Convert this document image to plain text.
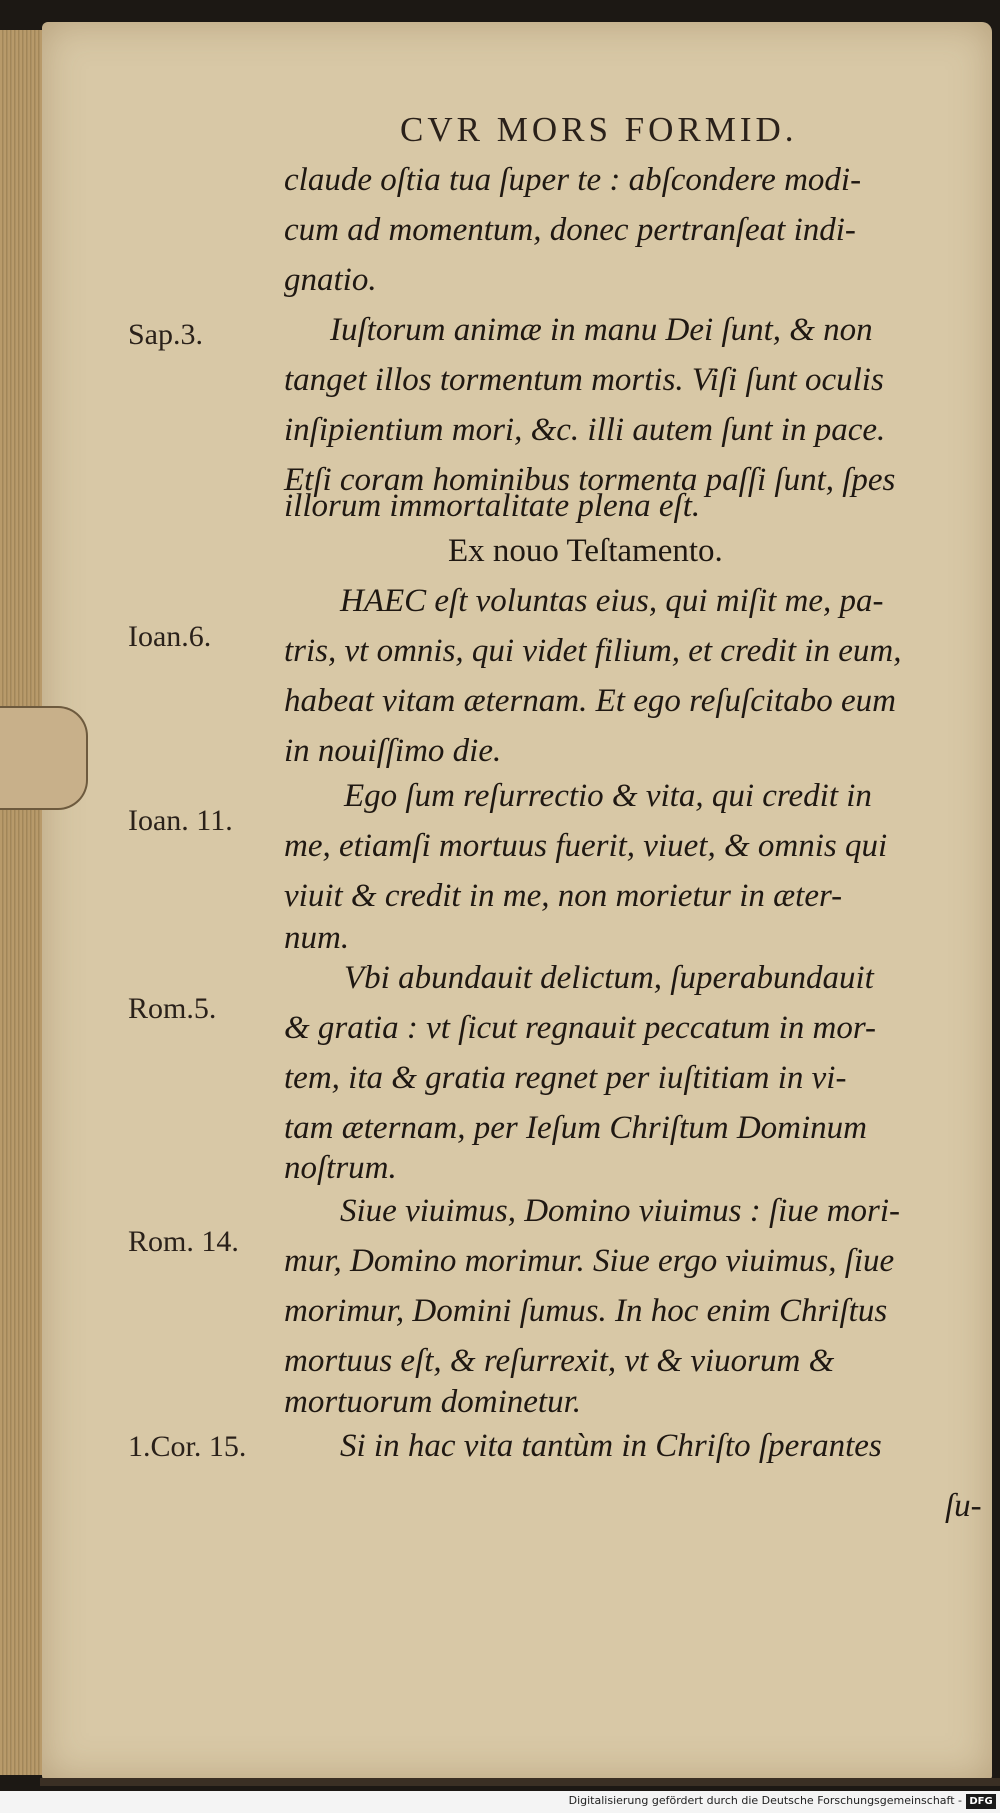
CVR MORS FORMID.
claude oſtia tua ſuper te : abſcondere modi-
cum ad momentum, donec pertranſeat indi-
gnatio.
Iuſtorum animæ in manu Dei ſunt, & non
tanget illos tormentum mortis. Viſi ſunt oculis
inſipientium mori, &c. illi autem ſunt in pace.
Etſi coram hominibus tormenta paſſi ſunt, ſpes
illorum immortalitate plena eſt.
Ex nouo Teſtamento.
HAEC eſt voluntas eius, qui miſit me, pa-
tris, vt omnis, qui videt filium, et credit in eum,
habeat vitam æternam. Et ego reſuſcitabo eum
in nouiſſimo die.
Ego ſum reſurrectio & vita, qui credit in
me, etiamſi mortuus fuerit, viuet, & omnis qui
viuit & credit in me, non morietur in æter-
num.
Vbi abundauit delictum, ſuperabundauit
& gratia : vt ſicut regnauit peccatum in mor-
tem, ita & gratia regnet per iuſtitiam in vi-
tam æternam, per Ieſum Chriſtum Dominum
noſtrum.
Siue viuimus, Domino viuimus : ſiue mori-
mur, Domino morimur. Siue ergo viuimus, ſiue
morimur, Domini ſumus. In hoc enim Chriſtus
mortuus eſt, & reſurrexit, vt & viuorum &
mortuorum dominetur.
Si in hac vita tantùm in Chriſto ſperantes
ſu-
Sap.3.
Ioan.6.
Ioan. 11.
Rom.5.
Rom. 14.
1.Cor. 15.
Digitalisierung gefördert durch die Deutsche Forschungsgemeinschaft - DFG
